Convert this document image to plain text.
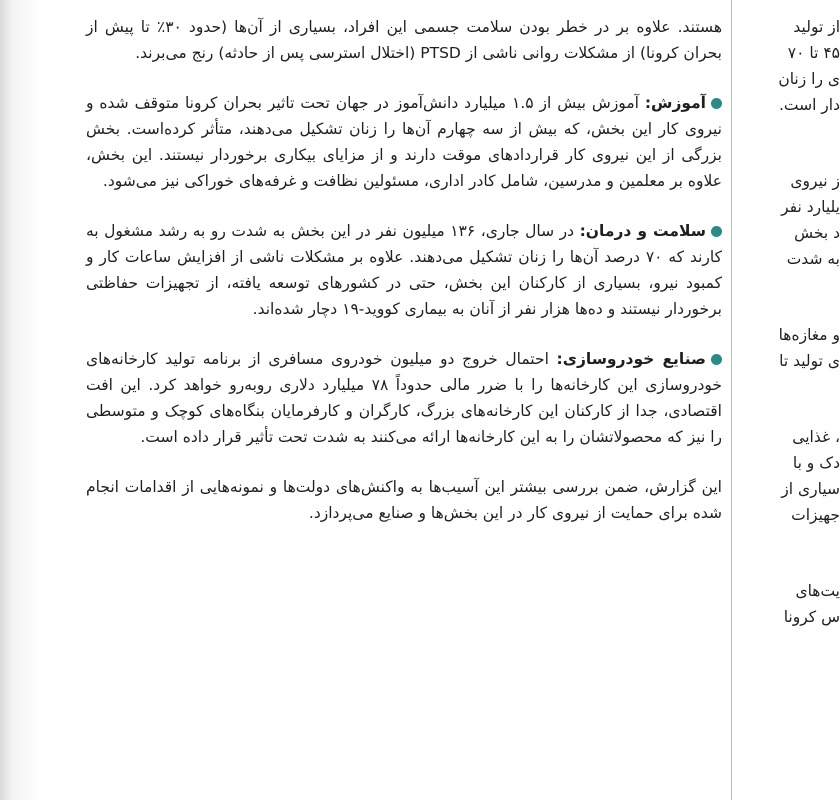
هستند. علاوه بر در خطر بودن سلامت جسمی این افراد، بسیاری از آن‌ها (حدود ۳۰٪ تا پیش از بحران کرونا) از مشکلات روانی ناشی از PTSD (اختلال استرسی پس از حادثه) رنج می‌برند.

آموزش: آموزش بیش از ۱.۵ میلیارد دانش‌آموز در جهان تحت تاثیر بحران کرونا متوقف شده و نیروی کار این بخش، که بیش از سه چهارم آن‌ها را زنان تشکیل می‌دهند، متأثر کرده‌است. بخش بزرگی از این نیروی کار قراردادهای موقت دارند و از مزایای بیکاری برخوردار نیستند. این بخش، علاوه بر معلمین و مدرسین، شامل کادر اداری، مسئولین نظافت و غرفه‌های خوراکی نیز می‌شود.

سلامت و درمان: در سال جاری، ۱۳۶ میلیون نفر در این بخش به شدت رو به رشد مشغول به کارند که ۷۰ درصد آن‌ها را زنان تشکیل می‌دهند. علاوه بر مشکلات ناشی از افزایش ساعات کار و کمبود نیرو، بسیاری از کارکنان این بخش، حتی در کشورهای توسعه یافته، از تجهیزات حفاظتی برخوردار نیستند و ده‌ها هزار نفر از آنان به بیماری کووید-۱۹ دچار شده‌اند.

صنایع خودروسازی: احتمال خروج دو میلیون خودروی مسافری از برنامه تولید کارخانه‌های خودروسازی این کارخانه‌ها را با ضرر مالی حدوداً ۷۸ میلیارد دلاری روبه‌رو خواهد کرد. این افت اقتصادی، جدا از کارکنان این کارخانه‌های بزرگ، کارگران و کارفرمایان بنگاه‌های کوچک و متوسطی را نیز که محصولاتشان را به این کارخانه‌ها ارائه می‌کنند به شدت تحت تأثیر قرار داده است.

این گزارش، ضمن بررسی بیشتر این آسیب‌ها به واکنش‌های دولت‌ها و نمونه‌هایی از اقدامات انجام شده برای حمایت از نیروی کار در این بخش‌ها و صنایع می‌پردازد.

از تولید
۴۵ تا ۷۰
ی را زنان
دار است.
ز نیروی
یلیارد نفر
د بخش
به شدت
و مغازه‌ها
ی تولید تا
، غذایی
دک و با
سیاری از
جهیزات
یت‌های
س کرونا
